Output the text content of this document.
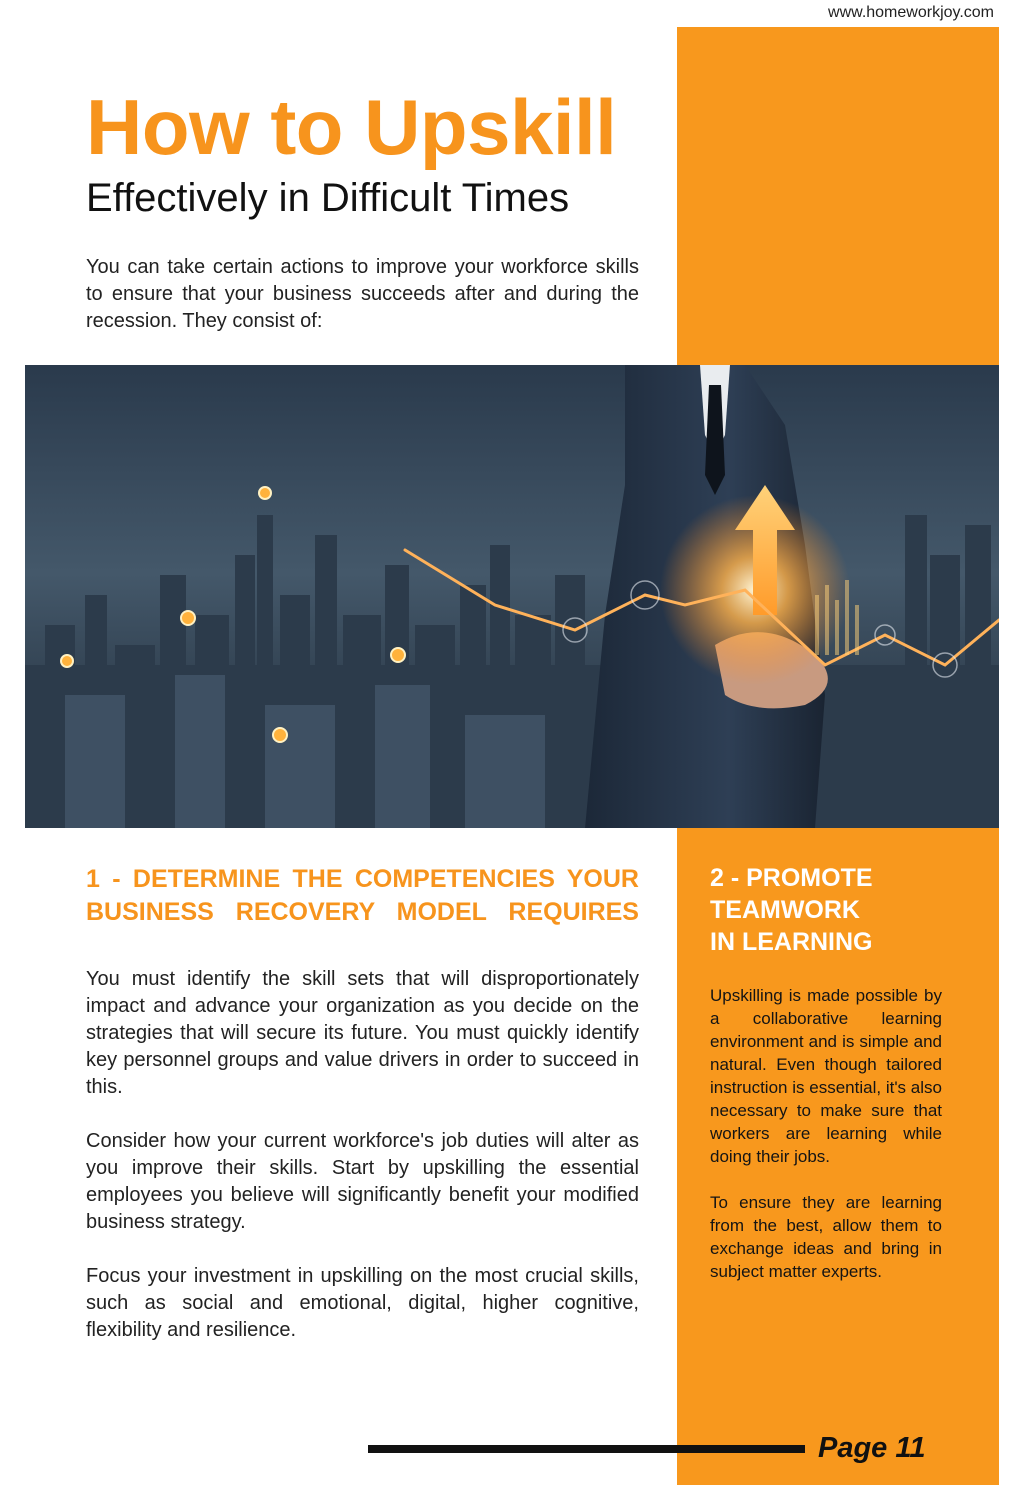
www.homeworkjoy.com
How to Upskill
Effectively in Difficult Times

You can take certain actions to improve your workforce skills to ensure that your business succeeds after and during the recession. They consist of:

1 - DETERMINE THE COMPETENCIES YOUR BUSINESS RECOVERY MODEL REQUIRES

You must identify the skill sets that will disproportionately impact and advance your organization as you decide on the strategies that will secure its future. You must quickly identify key personnel groups and value drivers in order to succeed in this.

Consider how your current workforce's job duties will alter as you improve their skills. Start by upskilling the essential employees you believe will significantly benefit your modified business strategy.

Focus your investment in upskilling on the most crucial skills, such as social and emotional, digital, higher cognitive, flexibility and resilience.

2 - PROMOTE
TEAMWORK
IN LEARNING

Upskilling is made possible by a collaborative learning environment and is simple and natural. Even though tailored instruction is essential, it's also necessary to make sure that workers are learning while doing their jobs.

To ensure they are learning from the best, allow them to exchange ideas and bring in subject matter experts.

Page 11
